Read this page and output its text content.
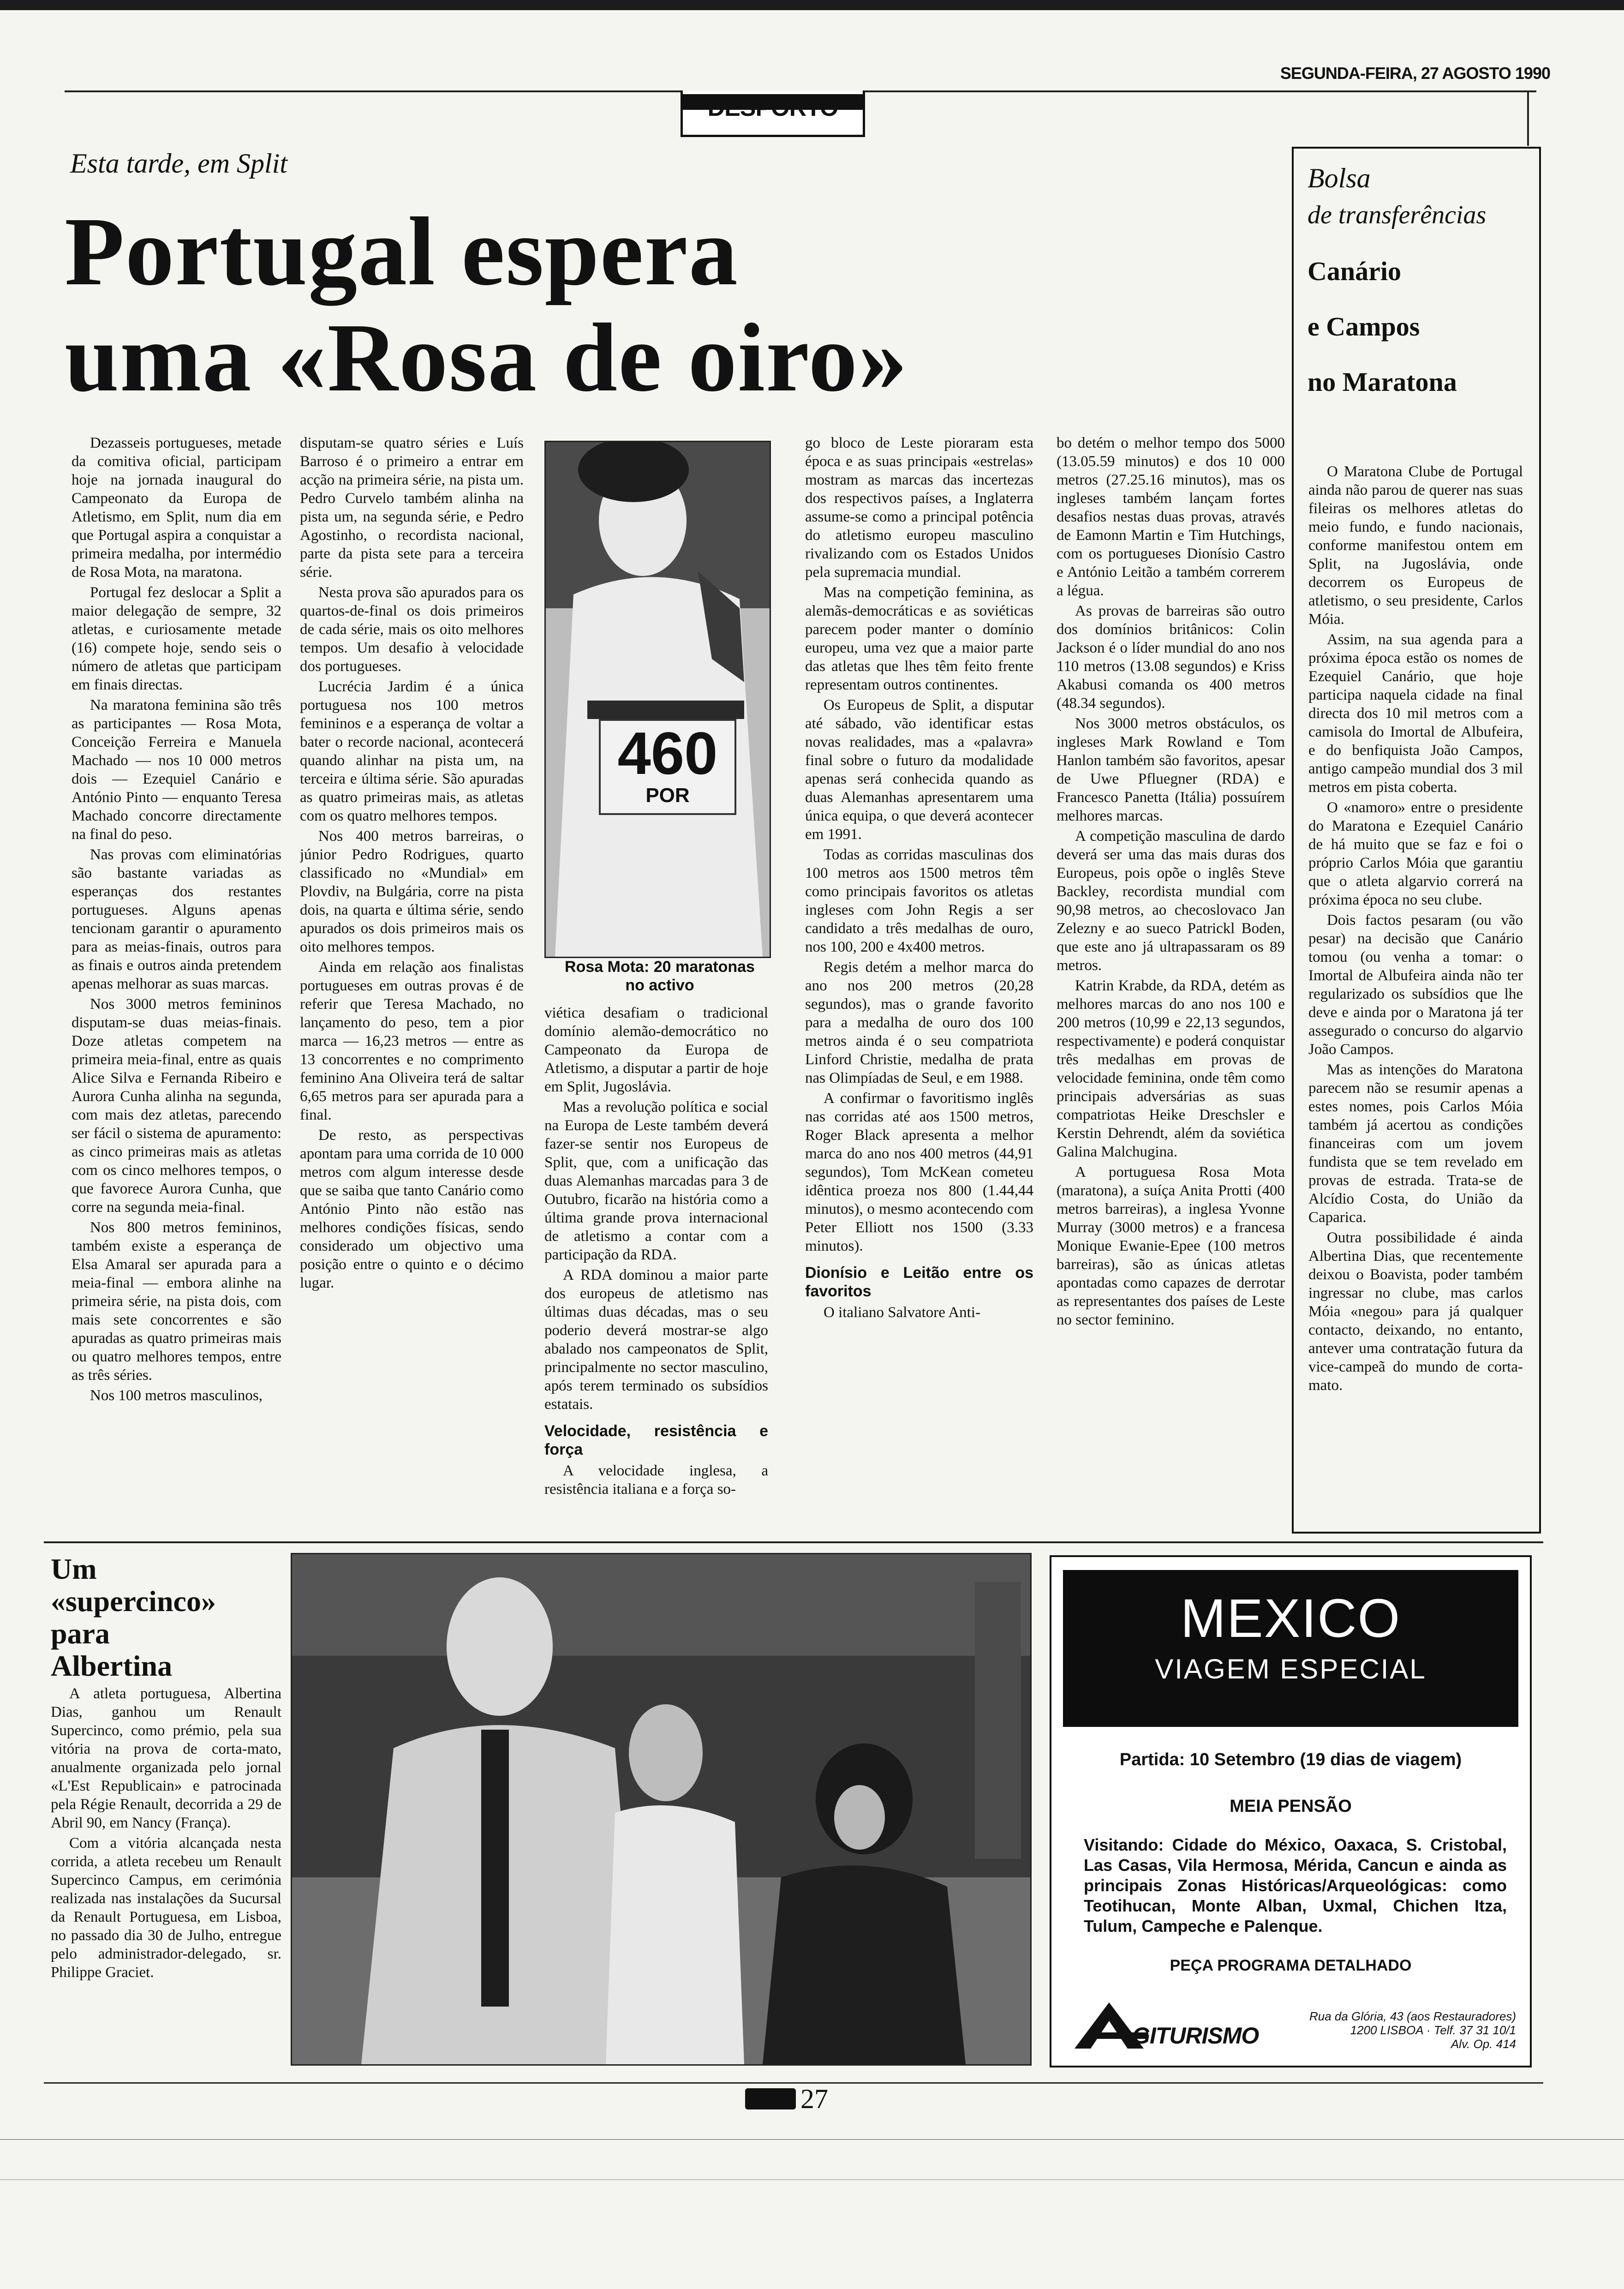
SEGUNDA-FEIRA, 27 AGOSTO 1990
DESPORTO
Esta tarde, em Split
Portugal espera
uma «Rosa de oiro»

Dezasseis portugueses, metade da comitiva oficial, participam hoje na jornada inaugural do Campeonato da Europa de Atletismo, em Split, num dia em que Portugal aspira a conquistar a primeira medalha, por intermédio de Rosa Mota, na maratona.

Portugal fez deslocar a Split a maior delegação de sempre, 32 atletas, e curiosamente metade (16) compete hoje, sendo seis o número de atletas que participam em finais directas.

Na maratona feminina são três as participantes — Rosa Mota, Conceição Ferreira e Manuela Machado — nos 10 000 metros dois — Ezequiel Canário e António Pinto — enquanto Teresa Machado concorre directamente na final do peso.

Nas provas com eliminatórias são bastante variadas as esperanças dos restantes portugueses. Alguns apenas tencionam garantir o apuramento para as meias-finais, outros para as finais e outros ainda pretendem apenas melhorar as suas marcas.

Nos 3000 metros femininos disputam-se duas meias-finais. Doze atletas competem na primeira meia-final, entre as quais Alice Silva e Fernanda Ribeiro e Aurora Cunha alinha na segunda, com mais dez atletas, parecendo ser fácil o sistema de apuramento: as cinco primeiras mais as atletas com os cinco melhores tempos, o que favorece Aurora Cunha, que corre na segunda meia-final.

Nos 800 metros femininos, também existe a esperança de Elsa Amaral ser apurada para a meia-final — embora alinhe na primeira série, na pista dois, com mais sete concorrentes e são apuradas as quatro primeiras mais ou quatro melhores tempos, entre as três séries.

Nos 100 metros masculinos,

disputam-se quatro séries e Luís Barroso é o primeiro a entrar em acção na primeira série, na pista um. Pedro Curvelo também alinha na pista um, na segunda série, e Pedro Agostinho, o recordista nacional, parte da pista sete para a terceira série.

Nesta prova são apurados para os quartos-de-final os dois primeiros de cada série, mais os oito melhores tempos. Um desafio à velocidade dos portugueses.

Lucrécia Jardim é a única portuguesa nos 100 metros femininos e a esperança de voltar a bater o recorde nacional, acontecerá quando alinhar na pista um, na terceira e última série. São apuradas as quatro primeiras mais, as atletas com os quatro melhores tempos.

Nos 400 metros barreiras, o júnior Pedro Rodrigues, quarto classificado no «Mundial» em Plovdiv, na Bulgária, corre na pista dois, na quarta e última série, sendo apurados os dois primeiros mais os oito melhores tempos.

Ainda em relação aos finalistas portugueses em outras provas é de referir que Teresa Machado, no lançamento do peso, tem a pior marca — 16,23 metros — entre as 13 concorrentes e no comprimento feminino Ana Oliveira terá de saltar 6,65 metros para ser apurada para a final.

De resto, as perspectivas apontam para uma corrida de 10 000 metros com algum interesse desde que se saiba que tanto Canário como António Pinto não estão nas melhores condições físicas, sendo considerado um objectivo uma posição entre o quinto e o décimo lugar.

460
POR
Rosa Mota: 20 maratonas no activo

viética desafiam o tradicional domínio alemão-democrático no Campeonato da Europa de Atletismo, a disputar a partir de hoje em Split, Jugoslávia.

Mas a revolução política e social na Europa de Leste também deverá fazer-se sentir nos Europeus de Split, que, com a unificação das duas Alemanhas marcadas para 3 de Outubro, ficarão na história como a última grande prova internacional de atletismo a contar com a participação da RDA.

A RDA dominou a maior parte dos europeus de atletismo nas últimas duas décadas, mas o seu poderio deverá mostrar-se algo abalado nos campeonatos de Split, principalmente no sector masculino, após terem terminado os subsídios estatais.

Velocidade, resistência e força

A velocidade inglesa, a resistência italiana e a força so-

go bloco de Leste pioraram esta época e as suas principais «estrelas» mostram as marcas das incertezas dos respectivos países, a Inglaterra assume-se como a principal potência do atletismo europeu masculino rivalizando com os Estados Unidos pela supremacia mundial.

Mas na competição feminina, as alemãs-democráticas e as soviéticas parecem poder manter o domínio europeu, uma vez que a maior parte das atletas que lhes têm feito frente representam outros continentes.

Os Europeus de Split, a disputar até sábado, vão identificar estas novas realidades, mas a «palavra» final sobre o futuro da modalidade apenas será conhecida quando as duas Alemanhas apresentarem uma única equipa, o que deverá acontecer em 1991.

Todas as corridas masculinas dos 100 metros aos 1500 metros têm como principais favoritos os atletas ingleses com John Regis a ser candidato a três medalhas de ouro, nos 100, 200 e 4x400 metros.

Regis detém a melhor marca do ano nos 200 metros (20,28 segundos), mas o grande favorito para a medalha de ouro dos 100 metros ainda é o seu compatriota Linford Christie, medalha de prata nas Olimpíadas de Seul, e em 1988.

A confirmar o favoritismo inglês nas corridas até aos 1500 metros, Roger Black apresenta a melhor marca do ano nos 400 metros (44,91 segundos), Tom McKean cometeu idêntica proeza nos 800 (1.44,44 minutos), o mesmo acontecendo com Peter Elliott nos 1500 (3.33 minutos).

Dionísio e Leitão entre os favoritos

O italiano Salvatore Anti-

bo detém o melhor tempo dos 5000 (13.05.59 minutos) e dos 10 000 metros (27.25.16 minutos), mas os ingleses também lançam fortes desafios nestas duas provas, através de Eamonn Martin e Tim Hutchings, com os portugueses Dionísio Castro e António Leitão a também correrem a légua.

As provas de barreiras são outro dos domínios britânicos: Colin Jackson é o líder mundial do ano nos 110 metros (13.08 segundos) e Kriss Akabusi comanda os 400 metros (48.34 segundos).

Nos 3000 metros obstáculos, os ingleses Mark Rowland e Tom Hanlon também são favoritos, apesar de Uwe Pfluegner (RDA) e Francesco Panetta (Itália) possuírem melhores marcas.

A competição masculina de dardo deverá ser uma das mais duras dos Europeus, pois opõe o inglês Steve Backley, recordista mundial com 90,98 metros, ao checoslovaco Jan Zelezny e ao sueco Patrickl Boden, que este ano já ultrapassaram os 89 metros.

Katrin Krabde, da RDA, detém as melhores marcas do ano nos 100 e 200 metros (10,99 e 22,13 segundos, respectivamente) e poderá conquistar três medalhas em provas de velocidade feminina, onde têm como principais adversárias as suas compatriotas Heike Dreschsler e Kerstin Dehrendt, além da soviética Galina Malchugina.

A portuguesa Rosa Mota (maratona), a suíça Anita Protti (400 metros barreiras), a inglesa Yvonne Murray (3000 metros) e a francesa Monique Ewanie-Epee (100 metros barreiras), são as únicas atletas apontadas como capazes de derrotar as representantes dos países de Leste no sector feminino.

Bolsa
de transferências
Canário
e Campos
no Maratona

O Maratona Clube de Portugal ainda não parou de querer nas suas fileiras os melhores atletas do meio fundo, e fundo nacionais, conforme manifestou ontem em Split, na Jugoslávia, onde decorrem os Europeus de atletismo, o seu presidente, Carlos Móia.

Assim, na sua agenda para a próxima época estão os nomes de Ezequiel Canário, que hoje participa naquela cidade na final directa dos 10 mil metros com a camisola do Imortal de Albufeira, e do benfiquista João Campos, antigo campeão mundial dos 3 mil metros em pista coberta.

O «namoro» entre o presidente do Maratona e Ezequiel Canário de há muito que se faz e foi o próprio Carlos Móia que garantiu que o atleta algarvio correrá na próxima época no seu clube.

Dois factos pesaram (ou vão pesar) na decisão que Canário tomou (ou venha a tomar: o Imortal de Albufeira ainda não ter regularizado os subsídios que lhe deve e ainda por o Maratona já ter assegurado o concurso do algarvio João Campos.

Mas as intenções do Maratona parecem não se resumir apenas a estes nomes, pois Carlos Móia também já acertou as condições financeiras com um jovem fundista que se tem revelado em provas de estrada. Trata-se de Alcídio Costa, do União da Caparica.

Outra possibilidade é ainda Albertina Dias, que recentemente deixou o Boavista, poder também ingressar no clube, mas carlos Móia «negou» para já qualquer contacto, deixando, no entanto, antever uma contratação futura da vice-campeã do mundo de corta-mato.

Um
«supercinco»
para
Albertina

A atleta portuguesa, Albertina Dias, ganhou um Renault Supercinco, como prémio, pela sua vitória na prova de corta-mato, anualmente organizada pelo jornal «L'Est Republicain» e patrocinada pela Régie Renault, decorrida a 29 de Abril 90, em Nancy (França).

Com a vitória alcançada nesta corrida, a atleta recebeu um Renault Supercinco Campus, em cerimónia realizada nas instalações da Sucursal da Renault Portuguesa, em Lisboa, no passado dia 30 de Julho, entregue pelo administrador-delegado, sr. Philippe Graciet.

MEXICO
VIAGEM ESPECIAL
Partida: 10 Setembro (19 dias de viagem)
MEIA PENSÃO
Visitando: Cidade do México, Oaxaca, S. Cristobal, Las Casas, Vila Hermosa, Mérida, Cancun e ainda as principais Zonas Históricas/Arqueológicas: como Teotihucan, Monte Alban, Uxmal, Chichen Itza, Tulum, Campeche e Palenque.
PEÇA PROGRAMA DETALHADO
GITURISMO
Rua da Glória, 43 (aos Restauradores)
1200 LISBOA · Telf. 37 31 10/1
Alv. Op. 414
27
